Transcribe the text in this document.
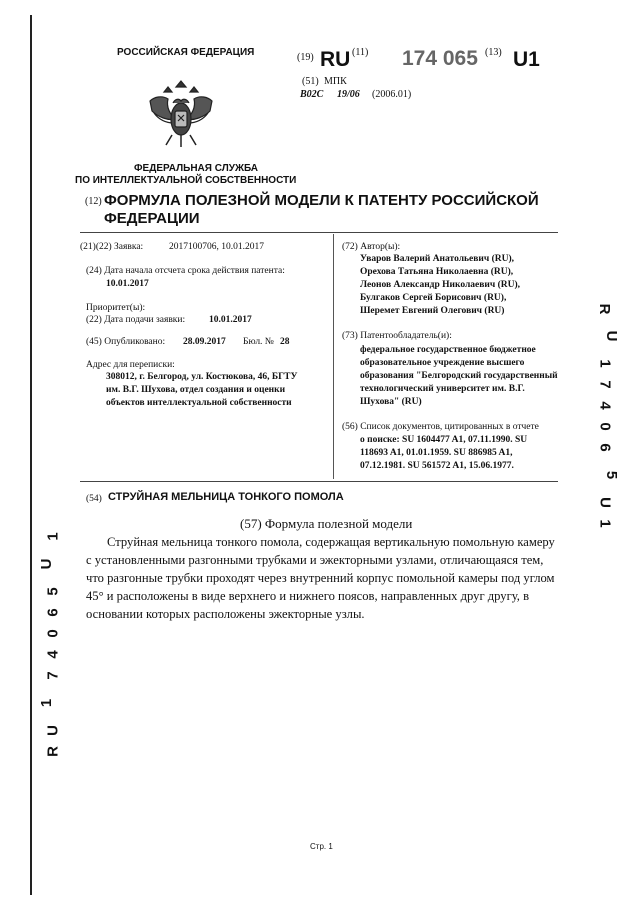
РОССИЙСКАЯ ФЕДЕРАЦИЯ
ФЕДЕРАЛЬНАЯ СЛУЖБА
ПО ИНТЕЛЛЕКТУАЛЬНОЙ СОБСТВЕННОСТИ
(19) RU (11) 174 065 (13) U1
(51) МПК
B02C 19/06 (2006.01)
(12) ФОРМУЛА ПОЛЕЗНОЙ МОДЕЛИ К ПАТЕНТУ РОССИЙСКОЙ
ФЕДЕРАЦИИ
(21)(22) Заявка:	2017100706, 10.01.2017
(24) Дата начала отсчета срока действия патента:
10.01.2017
Приоритет(ы):
(22) Дата подачи заявки:	10.01.2017
(45) Опубликовано: 28.09.2017 Бюл. № 28
Адрес для переписки:
308012, г. Белгород, ул. Костюкова, 46, БГТУ
им. В.Г. Шухова, отдел создания и оценки
объектов интеллектуальной собственности
(72) Автор(ы):
Уваров Валерий Анатольевич (RU),
Орехова Татьяна Николаевна (RU),
Леонов Александр Николаевич (RU),
Булгаков Сергей Борисович (RU),
Шеремет Евгений Олегович (RU)
(73) Патентообладатель(и):
федеральное государственное бюджетное
образовательное учреждение высшего
образования "Белгородский государственный
технологический университет им. В.Г.
Шухова" (RU)
(56) Список документов, цитированных в отчете
о поиске: SU 1604477 A1, 07.11.1990. SU
118693 A1, 01.01.1959. SU 886985 A1,
07.12.1981. SU 561572 A1, 15.06.1977.
(54) СТРУЙНАЯ МЕЛЬНИЦА ТОНКОГО ПОМОЛА
(57) Формула полезной модели
Струйная мельница тонкого помола, содержащая вертикальную помольную камеру
с установленными разгонными трубками и эжекторными узлами, отличающаяся тем,
что разгонные трубки проходят через внутренний корпус помольной камеры под углом
45° и расположены в виде верхнего и нижнего поясов, направленных друг другу, в
основании которых расположены эжекторные узлы.
R
U
1
7
4
0
6
5
U
1
1
U
5
6
0
4
7
1
U
R
Стр. 1
